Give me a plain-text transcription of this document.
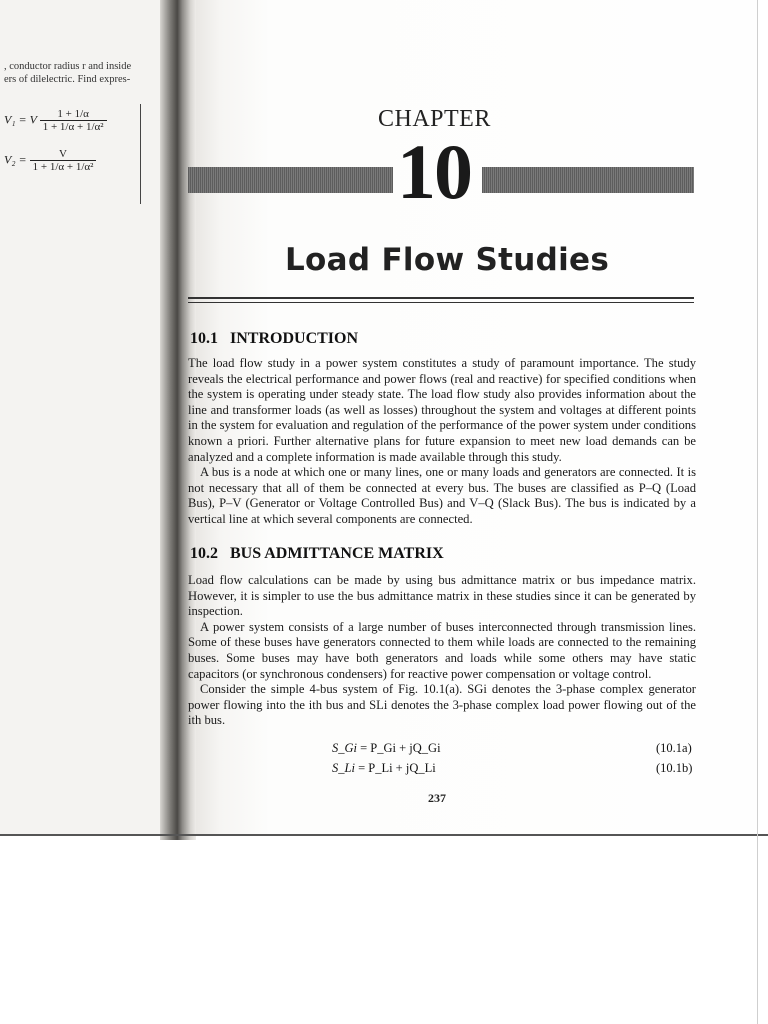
, conductor radius r and inside
ers of dilelectric. Find expres-
V₁ = V $\frac{1 + 1/\alpha}{\text{1 + 1/α + 1/α²}}$
$V_2 = \frac{V}{\text{1 + 1/α + 1/α²}}$
CHAPTER
10
Load Flow Studies
10.1 INTRODUCTION

The load flow study in a power system constitutes a study of paramount importance. The study reveals the electrical performance and power flows (real and reactive) for specified conditions when the system is operating under steady state. The load flow study also provides information about the line and transformer loads (as well as losses) throughout the system and voltages at different points in the system for evaluation and regulation of the performance of the power system under conditions known a priori. Further alternative plans for future expansion to meet new load demands can be analyzed and a complete information is made available through this study.

A bus is a node at which one or many lines, one or many loads and generators are connected. It is not necessary that all of them be connected at every bus. The buses are classified as P–Q (Load Bus), P–V (Generator or Voltage Controlled Bus) and V–Q (Slack Bus). The bus is indicated by a vertical line at which several components are connected.

10.2 BUS ADMITTANCE MATRIX

Load flow calculations can be made by using bus admittance matrix or bus impedance matrix. However, it is simpler to use the bus admittance matrix in these studies since it can be generated by inspection.

A power system consists of a large number of buses interconnected through transmission lines. Some of these buses have generators connected to them while loads are connected to the remaining buses. Some buses may have both generators and loads while some others may have static capacitors (or synchronous condensers) for reactive power compensation or voltage control.

Consider the simple 4-bus system of Fig. 10.1(a). SGi denotes the 3-phase complex generator power flowing into the ith bus and SLi denotes the 3-phase complex load power flowing out of the ith bus.

S_Gi = P_Gi + jQ_Gi	(10.1a)
S_Li = P_Li + jQ_Li	(10.1b)
237
